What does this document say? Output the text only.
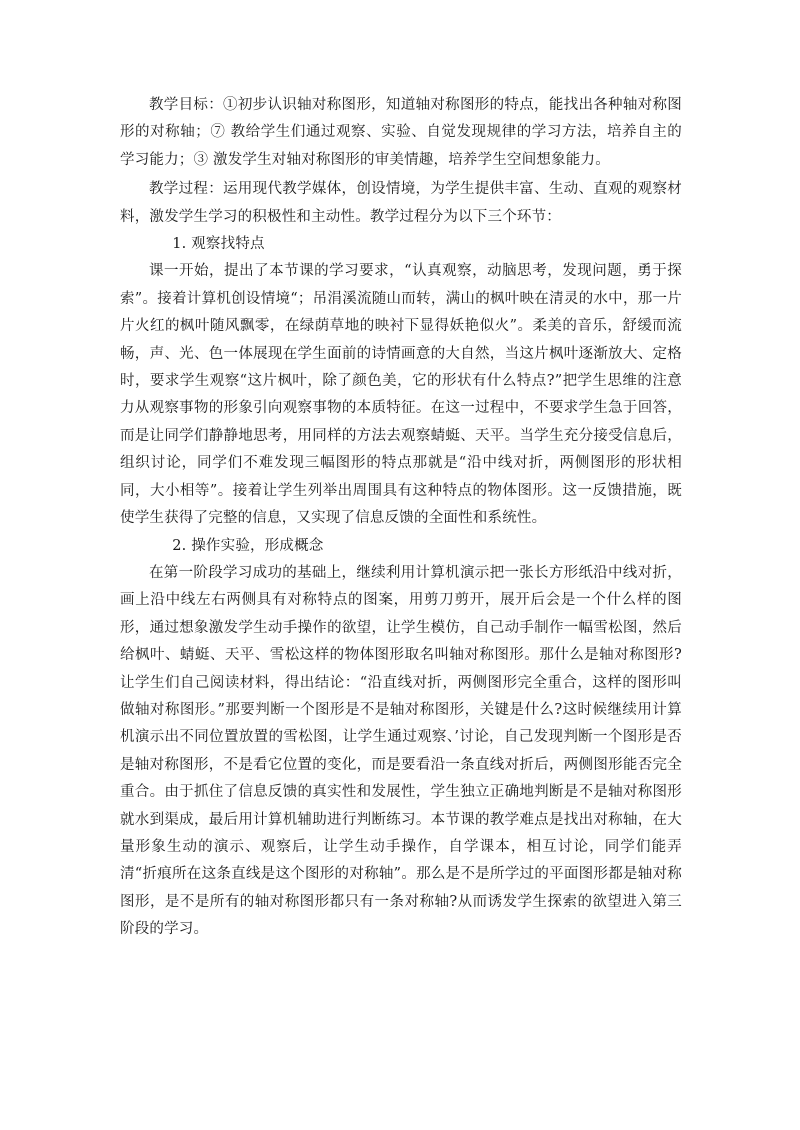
教学目标：①初步认识轴对称图形，知道轴对称图形的特点，能找出各种轴对称图形的对称轴；⑦ 教给学生们通过观察、实验、自觉发现规律的学习方法，培养自主的学习能力；③ 激发学生对轴对称图形的审美情趣，培养学生空间想象能力。

教学过程：运用现代教学媒体，创设情境，为学生提供丰富、生动、直观的观察材料，激发学生学习的积极性和主动性。教学过程分为以下三个环节：

1. 观察找特点

课一开始，提出了本节课的学习要求，“认真观察，动脑思考，发现问题，勇于探索”。接着计算机创设情境“；吊涓溪流随山而转，满山的枫叶映在清灵的水中，那一片片火红的枫叶随风飘零，在绿荫草地的映衬下显得妖艳似火”。柔美的音乐，舒缓而流畅，声、光、色一体展现在学生面前的诗情画意的大自然，当这片枫叶逐渐放大、定格时，要求学生观察“这片枫叶，除了颜色美，它的形状有什么特点?”把学生思维的注意力从观察事物的形象引向观察事物的本质特征。在这一过程中，不要求学生急于回答，而是让同学们静静地思考，用同样的方法去观察蜻蜓、天平。当学生充分接受信息后，组织讨论，同学们不难发现三幅图形的特点那就是“沿中线对折，两侧图形的形状相同，大小相等”。接着让学生列举出周围具有这种特点的物体图形。这一反馈措施，既使学生获得了完整的信息，又实现了信息反馈的全面性和系统性。

2. 操作实验，形成概念

在第一阶段学习成功的基础上，继续利用计算机演示把一张长方形纸沿中线对折，画上沿中线左右两侧具有对称特点的图案，用剪刀剪开，展开后会是一个什么样的图形，通过想象激发学生动手操作的欲望，让学生模仿，自己动手制作一幅雪松图，然后给枫叶、蜻蜓、天平、雪松这样的物体图形取名叫轴对称图形。那什么是轴对称图形?让学生们自己阅读材料，得出结论：“沿直线对折，两侧图形完全重合，这样的图形叫做轴对称图形。”那要判断一个图形是不是轴对称图形，关键是什么?这时候继续用计算机演示出不同位置放置的雪松图，让学生通过观察、’讨论，自己发现判断一个图形是否是轴对称图形，不是看它位置的变化，而是要看沿一条直线对折后，两侧图形能否完全重合。由于抓住了信息反馈的真实性和发展性，学生独立正确地判断是不是轴对称图形就水到渠成，最后用计算机辅助进行判断练习。本节课的教学难点是找出对称轴，在大量形象生动的演示、观察后，让学生动手操作，自学课本，相互讨论，同学们能弄清“折痕所在这条直线是这个图形的对称轴”。那么是不是所学过的平面图形都是轴对称图形，是不是所有的轴对称图形都只有一条对称轴?从而诱发学生探索的欲望进入第三阶段的学习。
